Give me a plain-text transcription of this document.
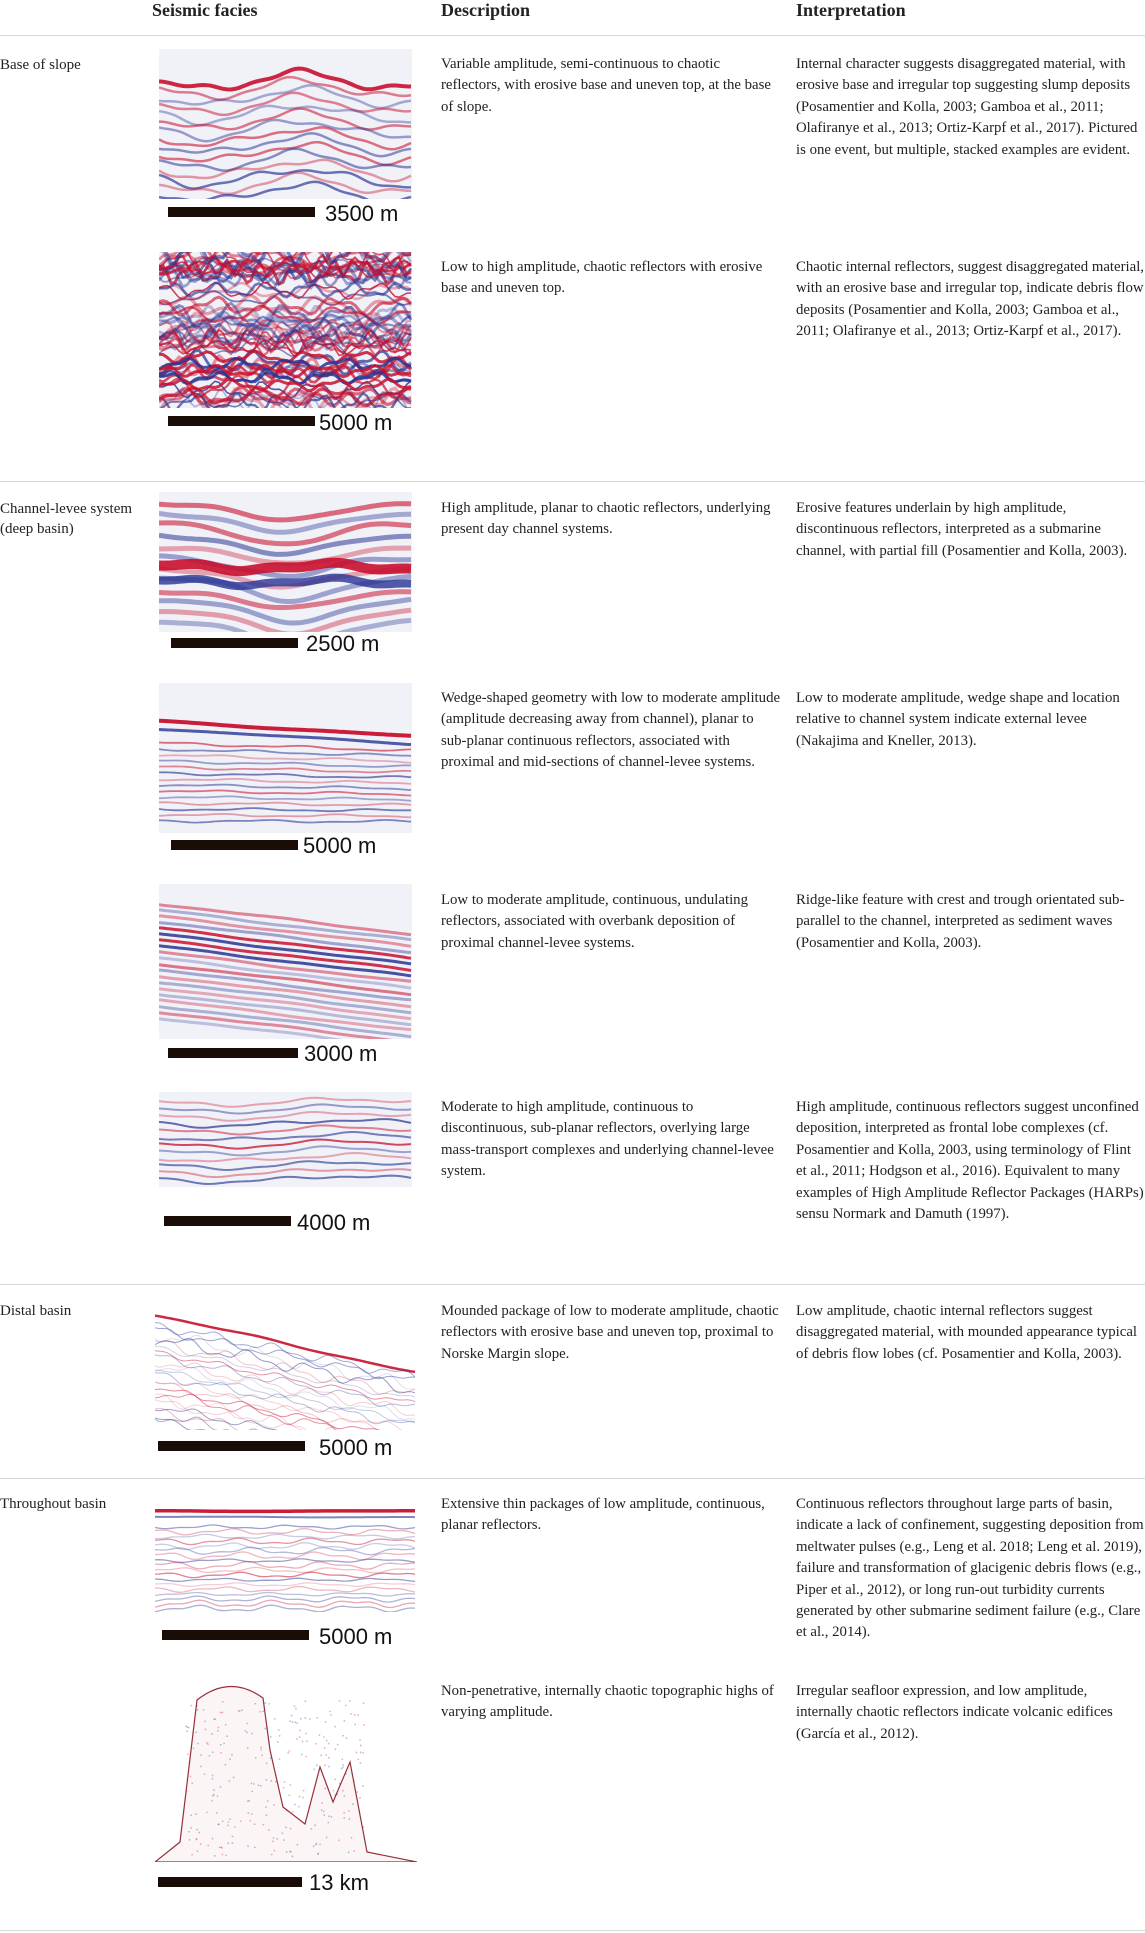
Seismic facies	Description	Interpretation
Base of slope
Channel-levee system (deep basin)
Distal basin
Throughout basin
3500 m
Variable amplitude, semi-continuous to chaotic reflectors, with erosive base and uneven top, at the base of slope.
Internal character suggests disaggregated material, with erosive base and irregular top suggesting slump deposits (Posamentier and Kolla, 2003; Gamboa et al., 2011; Olafiranye et al., 2013; Ortiz-Karpf et al., 2017). Pictured is one event, but multiple, stacked examples are evident.
5000 m
Low to high amplitude, chaotic reflectors with erosive base and uneven top.
Chaotic internal reflectors, suggest disaggregated material, with an erosive base and irregular top, indicate debris flow deposits (Posamentier and Kolla, 2003; Gamboa et al., 2011; Olafiranye et al., 2013; Ortiz-Karpf et al., 2017).
2500 m
High amplitude, planar to chaotic reflectors, underlying present day channel systems.
Erosive features underlain by high amplitude, discontinuous reflectors, interpreted as a submarine channel, with partial fill (Posamentier and Kolla, 2003).
5000 m
Wedge-shaped geometry with low to moderate amplitude (amplitude decreasing away from channel), planar to sub-planar continuous reflectors, associated with proximal and mid-sections of channel-levee systems.
Low to moderate amplitude, wedge shape and location relative to channel system indicate external levee (Nakajima and Kneller, 2013).
3000 m
Low to moderate amplitude, continuous, undulating reflectors, associated with overbank deposition of proximal channel-levee systems.
Ridge-like feature with crest and trough orientated sub-parallel to the channel, interpreted as sediment waves (Posamentier and Kolla, 2003).
4000 m
Moderate to high amplitude, continuous to discontinuous, sub-planar reflectors, overlying large mass-transport complexes and underlying channel-levee system.
High amplitude, continuous reflectors suggest unconfined deposition, interpreted as frontal lobe complexes (cf. Posamentier and Kolla, 2003, using terminology of Flint et al., 2011; Hodgson et al., 2016). Equivalent to many examples of High Amplitude Reflector Packages (HARPs) sensu Normark and Damuth (1997).
5000 m
Mounded package of low to moderate amplitude, chaotic reflectors with erosive base and uneven top, proximal to Norske Margin slope.
Low amplitude, chaotic internal reflectors suggest disaggregated material, with mounded appearance typical of debris flow lobes (cf. Posamentier and Kolla, 2003).
5000 m
Extensive thin packages of low amplitude, continuous, planar reflectors.
Continuous reflectors throughout large parts of basin, indicate a lack of confinement, suggesting deposition from meltwater pulses (e.g., Leng et al. 2018; Leng et al. 2019), failure and transformation of glacigenic debris flows (e.g., Piper et al., 2012), or long run-out turbidity currents generated by other submarine sediment failure (e.g., Clare et al., 2014).
13 km
Non-penetrative, internally chaotic topographic highs of varying amplitude.
Irregular seafloor expression, and low amplitude, internally chaotic reflectors indicate volcanic edifices (García et al., 2012).
